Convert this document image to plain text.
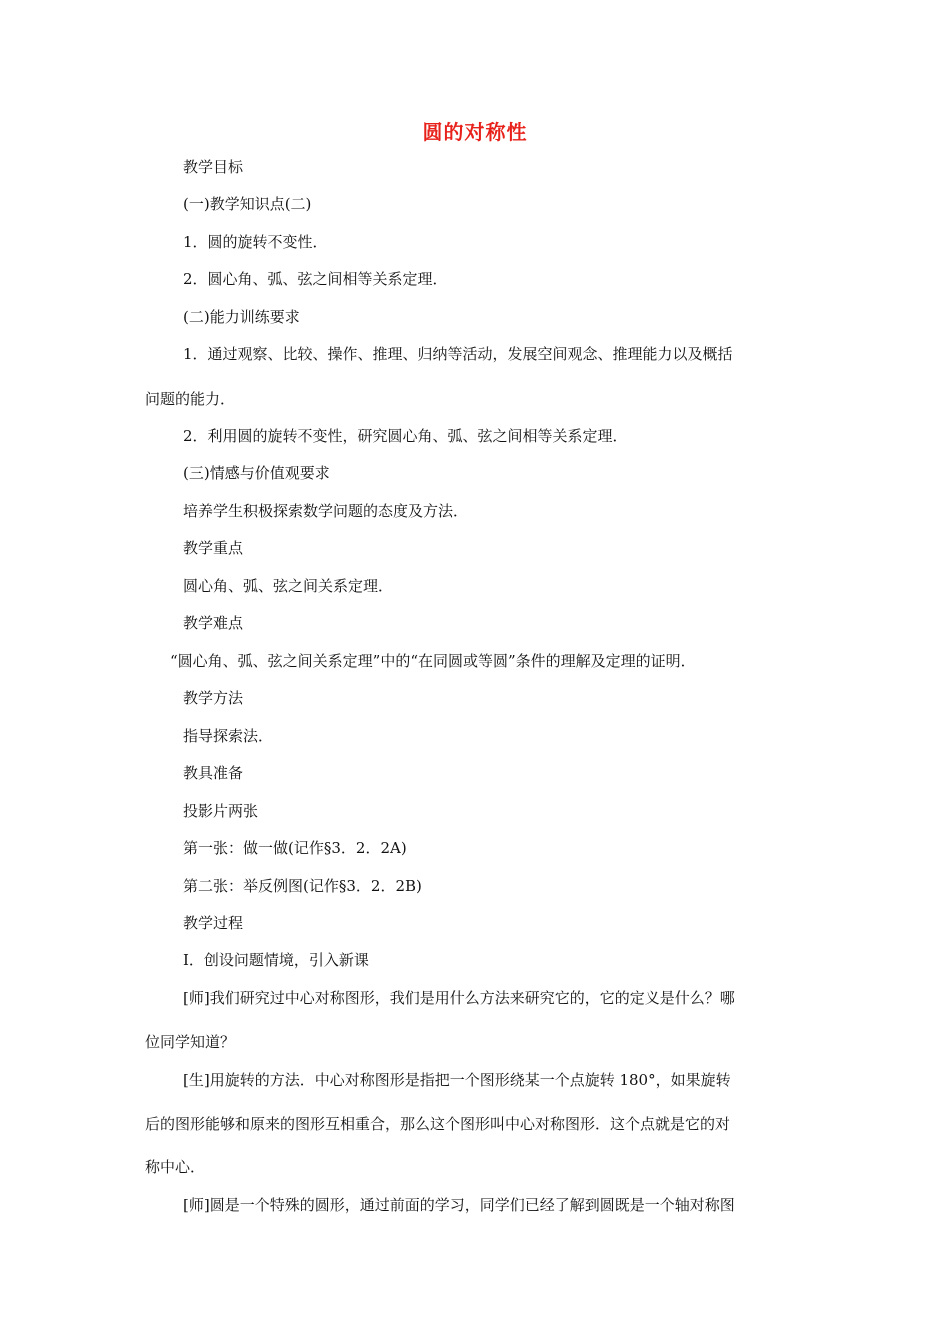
圆的对称性
教学目标
(一)教学知识点(二)
1．圆的旋转不变性．
2．圆心角、弧、弦之间相等关系定理．
(二)能力训练要求
1．通过观察、比较、操作、推理、归纳等活动，发展空间观念、推理能力以及概括
问题的能力．
2．利用圆的旋转不变性，研究圆心角、弧、弦之间相等关系定理．
(三)情感与价值观要求
培养学生积极探索数学问题的态度及方法．
教学重点
圆心角、弧、弦之间关系定理．
教学难点
“圆心角、弧、弦之间关系定理”中的“在同圆或等圆”条件的理解及定理的证明．
教学方法
指导探索法．
教具准备
投影片两张
第一张：做一做(记作§3．2．2A)
第二张：举反例图(记作§3．2．2B)
教学过程
Ⅰ．创设问题情境，引入新课
[师]我们研究过中心对称图形，我们是用什么方法来研究它的，它的定义是什么？哪
位同学知道？
[生]用旋转的方法．中心对称图形是指把一个图形绕某一个点旋转 180°，如果旋转
后的图形能够和原来的图形互相重合，那么这个图形叫中心对称图形．这个点就是它的对
称中心．
[师]圆是一个特殊的圆形，通过前面的学习，同学们已经了解到圆既是一个轴对称图
